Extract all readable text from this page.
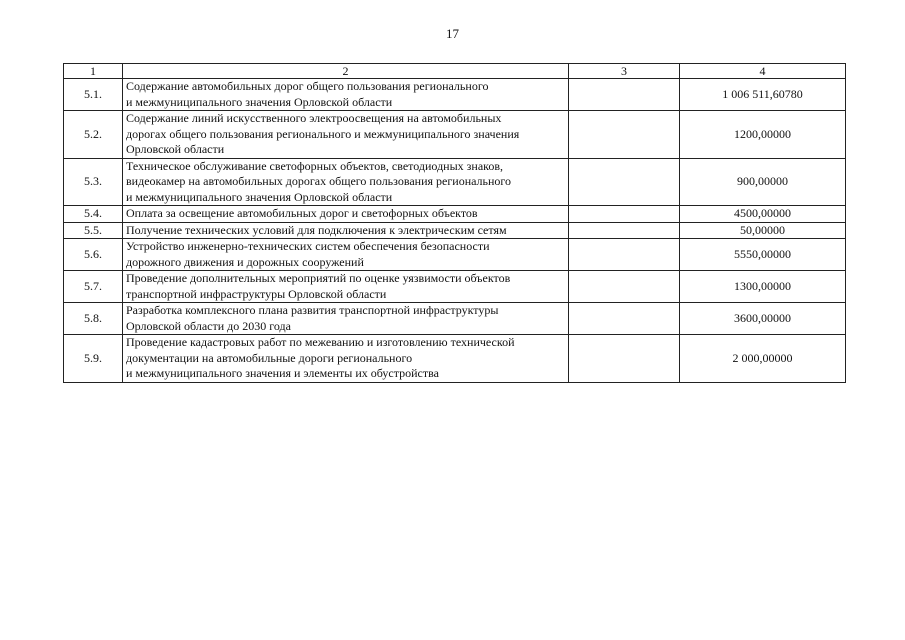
17
1	2	3	4
5.1.	Содержание автомобильных дорог общего пользования регионального
и межмуниципального значения Орловской области		1 006 511,60780
5.2.	Содержание линий искусственного электроосвещения на автомобильных
дорогах общего пользования регионального и межмуниципального значения
Орловской области		1200,00000
5.3.	Техническое обслуживание светофорных объектов, светодиодных знаков,
видеокамер на автомобильных дорогах общего пользования регионального
и межмуниципального значения Орловской области		900,00000
5.4.	Оплата за освещение автомобильных дорог и светофорных объектов		4500,00000
5.5.	Получение технических условий для подключения к электрическим сетям		50,00000
5.6.	Устройство инженерно-технических систем обеспечения безопасности
дорожного движения и дорожных сооружений		5550,00000
5.7.	Проведение дополнительных мероприятий по оценке уязвимости объектов
транспортной инфраструктуры Орловской области		1300,00000
5.8.	Разработка комплексного плана развития транспортной инфраструктуры
Орловской области до 2030 года		3600,00000
5.9.	Проведение кадастровых работ по межеванию и изготовлению технической
документации на автомобильные дороги регионального
и межмуниципального значения и элементы их обустройства		2 000,00000
